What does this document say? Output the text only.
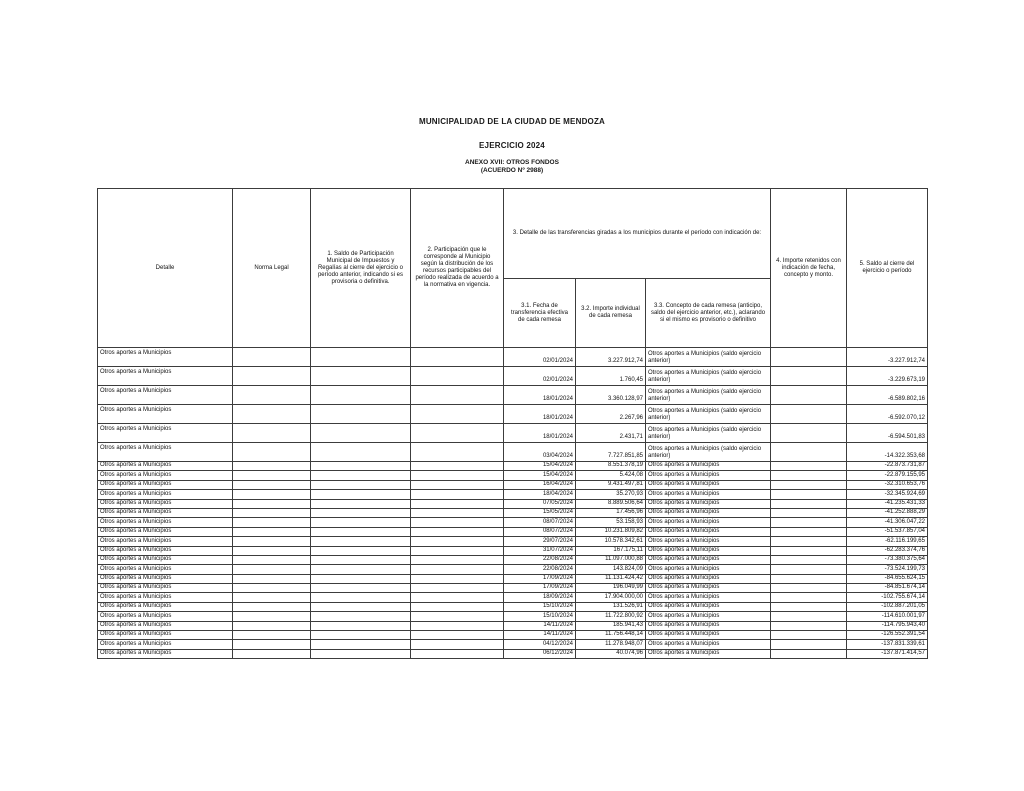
MUNICIPALIDAD DE LA CIUDAD DE MENDOZA
EJERCICIO 2024
ANEXO XVII: OTROS FONDOS
(ACUERDO Nº 2988)
Detalle	Norma Legal	1. Saldo de Participación Municipal de Impuestos y Regalías al cierre del ejercicio o período anterior, indicando si es provisoria o definitiva.	2. Participación que le corresponde al Municipio según la distribución de los recursos participables del período realizada de acuerdo a la normativa en vigencia.	3. Detalle de las transferencias giradas a los municipios durante el período con indicación de:			4. Importe retenidos con indicación de fecha, concepto y monto.	5. Saldo al cierre del ejercicio o período
				3.1. Fecha de transferencia efectiva de cada remesa	3.2. Importe individual de cada remesa	3.3. Concepto de cada remesa (anticipo, saldo del ejercicio anterior, etc.), aclarando si el mismo es provisorio o definitivo		
Otros aportes a Municipios				02/01/2024	3.227.912,74	Otros aportes a Municipios (saldo ejercicio anterior)		-3.227.912,74
Otros aportes a Municipios				02/01/2024	1.760,45	Otros aportes a Municipios (saldo ejercicio anterior)		-3.229.673,19
Otros aportes a Municipios				18/01/2024	3.360.128,97	Otros aportes a Municipios (saldo ejercicio anterior)		-6.589.802,16
Otros aportes a Municipios				18/01/2024	2.267,96	Otros aportes a Municipios (saldo ejercicio anterior)		-6.592.070,12
Otros aportes a Municipios				18/01/2024	2.431,71	Otros aportes a Municipios (saldo ejercicio anterior)		-6.594.501,83
Otros aportes a Municipios				03/04/2024	7.727.851,85	Otros aportes a Municipios (saldo ejercicio anterior)		-14.322.353,68
Otros aportes a Municipios				15/04/2024	8.551.378,19	Otros aportes a Municipios		-22.873.731,87
Otros aportes a Municipios				15/04/2024	5.424,08	Otros aportes a Municipios		-22.879.155,95
Otros aportes a Municipios				16/04/2024	9.431.497,81	Otros aportes a Municipios		-32.310.653,76
Otros aportes a Municipios				18/04/2024	35.270,93	Otros aportes a Municipios		-32.345.924,69
Otros aportes a Municipios				07/05/2024	8.889.506,64	Otros aportes a Municipios		-41.235.431,33
Otros aportes a Municipios				15/05/2024	17.456,96	Otros aportes a Municipios		-41.252.888,29
Otros aportes a Municipios				08/07/2024	53.158,93	Otros aportes a Municipios		-41.306.047,22
Otros aportes a Municipios				08/07/2024	10.231.809,82	Otros aportes a Municipios		-51.537.857,04
Otros aportes a Municipios				29/07/2024	10.578.342,61	Otros aportes a Municipios		-62.116.199,65
Otros aportes a Municipios				31/07/2024	167.175,11	Otros aportes a Municipios		-62.283.374,76
Otros aportes a Municipios				22/08/2024	11.097.000,88	Otros aportes a Municipios		-73.380.375,64
Otros aportes a Municipios				22/08/2024	143.824,09	Otros aportes a Municipios		-73.524.199,73
Otros aportes a Municipios				17/09/2024	11.131.424,42	Otros aportes a Municipios		-84.655.624,15
Otros aportes a Municipios				17/09/2024	196.049,99	Otros aportes a Municipios		-84.851.674,14
Otros aportes a Municipios				18/09/2024	17.904.000,00	Otros aportes a Municipios		-102.755.674,14
Otros aportes a Municipios				15/10/2024	131.526,91	Otros aportes a Municipios		-102.887.201,05
Otros aportes a Municipios				15/10/2024	11.722.800,92	Otros aportes a Municipios		-114.610.001,97
Otros aportes a Municipios				14/11/2024	185.941,43	Otros aportes a Municipios		-114.795.943,40
Otros aportes a Municipios				14/11/2024	11.756.448,14	Otros aportes a Municipios		-126.552.391,54
Otros aportes a Municipios				04/12/2024	11.278.948,07	Otros aportes a Municipios		-137.831.339,61
Otros aportes a Municipios				06/12/2024	40.074,96	Otros aportes a Municipios		-137.871.414,57
